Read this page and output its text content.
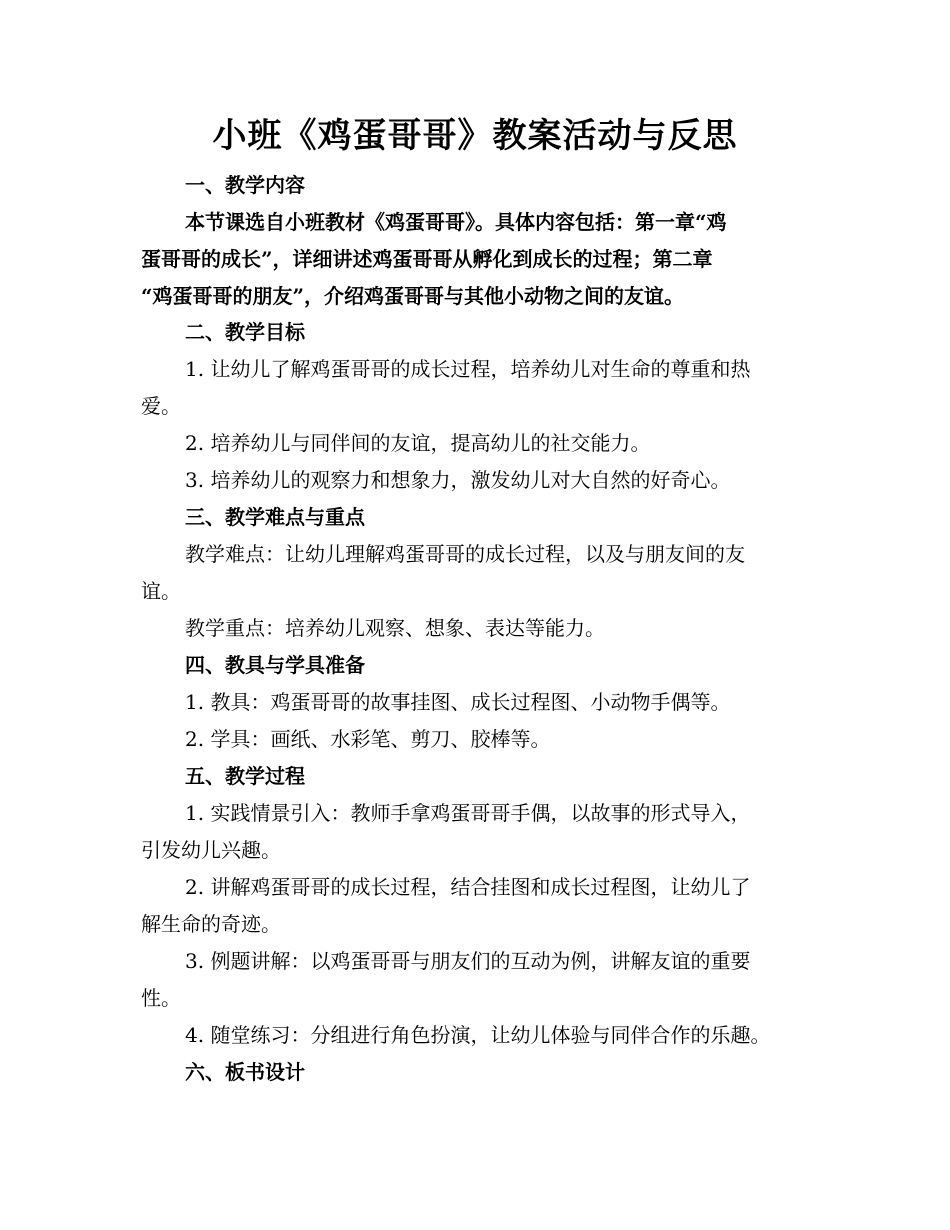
小班《鸡蛋哥哥》教案活动与反思
一、教学内容
本节课选自小班教材《鸡蛋哥哥》。具体内容包括：第一章“鸡
蛋哥哥的成长”，详细讲述鸡蛋哥哥从孵化到成长的过程；第二章
“鸡蛋哥哥的朋友”，介绍鸡蛋哥哥与其他小动物之间的友谊。
二、教学目标
1. 让幼儿了解鸡蛋哥哥的成长过程，培养幼儿对生命的尊重和热
爱。
2. 培养幼儿与同伴间的友谊，提高幼儿的社交能力。
3. 培养幼儿的观察力和想象力，激发幼儿对大自然的好奇心。
三、教学难点与重点
教学难点：让幼儿理解鸡蛋哥哥的成长过程，以及与朋友间的友
谊。
教学重点：培养幼儿观察、想象、表达等能力。
四、教具与学具准备
1. 教具：鸡蛋哥哥的故事挂图、成长过程图、小动物手偶等。
2. 学具：画纸、水彩笔、剪刀、胶棒等。
五、教学过程
1. 实践情景引入：教师手拿鸡蛋哥哥手偶，以故事的形式导入，
引发幼儿兴趣。
2. 讲解鸡蛋哥哥的成长过程，结合挂图和成长过程图，让幼儿了
解生命的奇迹。
3. 例题讲解：以鸡蛋哥哥与朋友们的互动为例，讲解友谊的重要
性。
4. 随堂练习：分组进行角色扮演，让幼儿体验与同伴合作的乐趣。
六、板书设计
